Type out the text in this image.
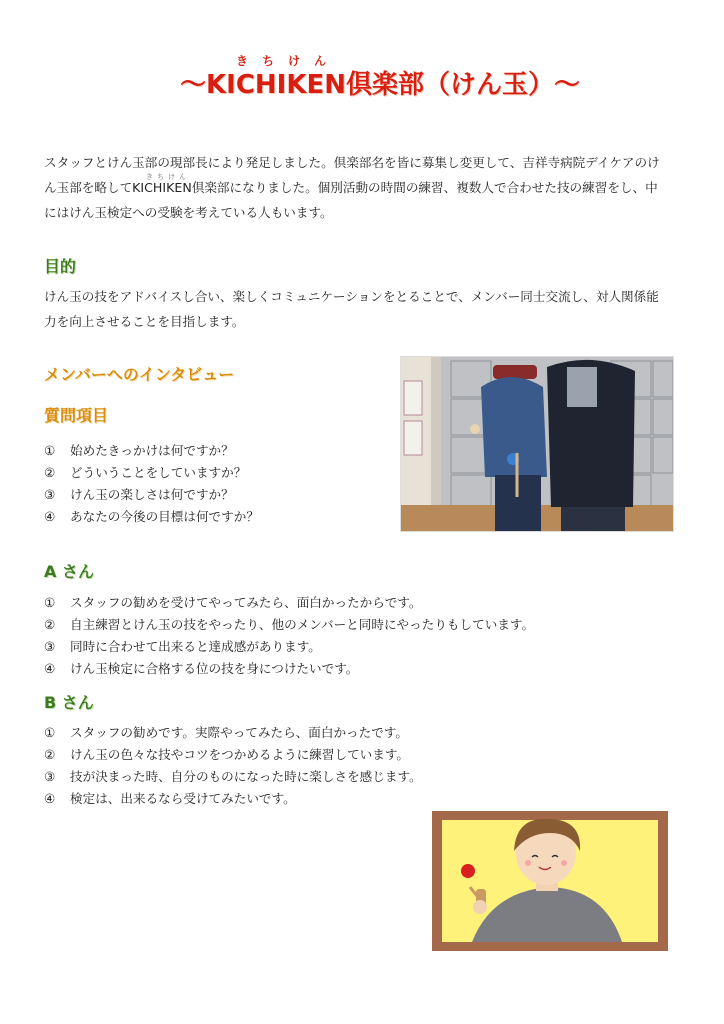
きちけん
～KICHIKEN倶楽部（けん玉）～
きちけん
スタッフとけん玉部の現部長により発足しました。倶楽部名を皆に募集し変更して、吉祥寺病院デイケアのけ
ん玉部を略してKICHIKEN倶楽部になりました。個別活動の時間の練習、複数人で合わせた技の練習をし、中
にはけん玉検定への受験を考えている人もいます。
目的
けん玉の技をアドバイスし合い、楽しくコミュニケーションをとることで、メンバー同士交流し、対人関係能
力を向上させることを目指します。
メンバーへのインタビュー
質問項目
① 始めたきっかけは何ですか？
② どういうことをしていますか？
③ けん玉の楽しさは何ですか？
④ あなたの今後の目標は何ですか？
A さん
① スタッフの勧めを受けてやってみたら、面白かったからです。
② 自主練習とけん玉の技をやったり、他のメンバーと同時にやったりもしています。
③ 同時に合わせて出来ると達成感があります。
④ けん玉検定に合格する位の技を身につけたいです。
B さん
① スタッフの勧めです。実際やってみたら、面白かったです。
② けん玉の色々な技やコツをつかめるように練習しています。
③ 技が決まった時、自分のものになった時に楽しさを感じます。
④ 検定は、出来るなら受けてみたいです。
